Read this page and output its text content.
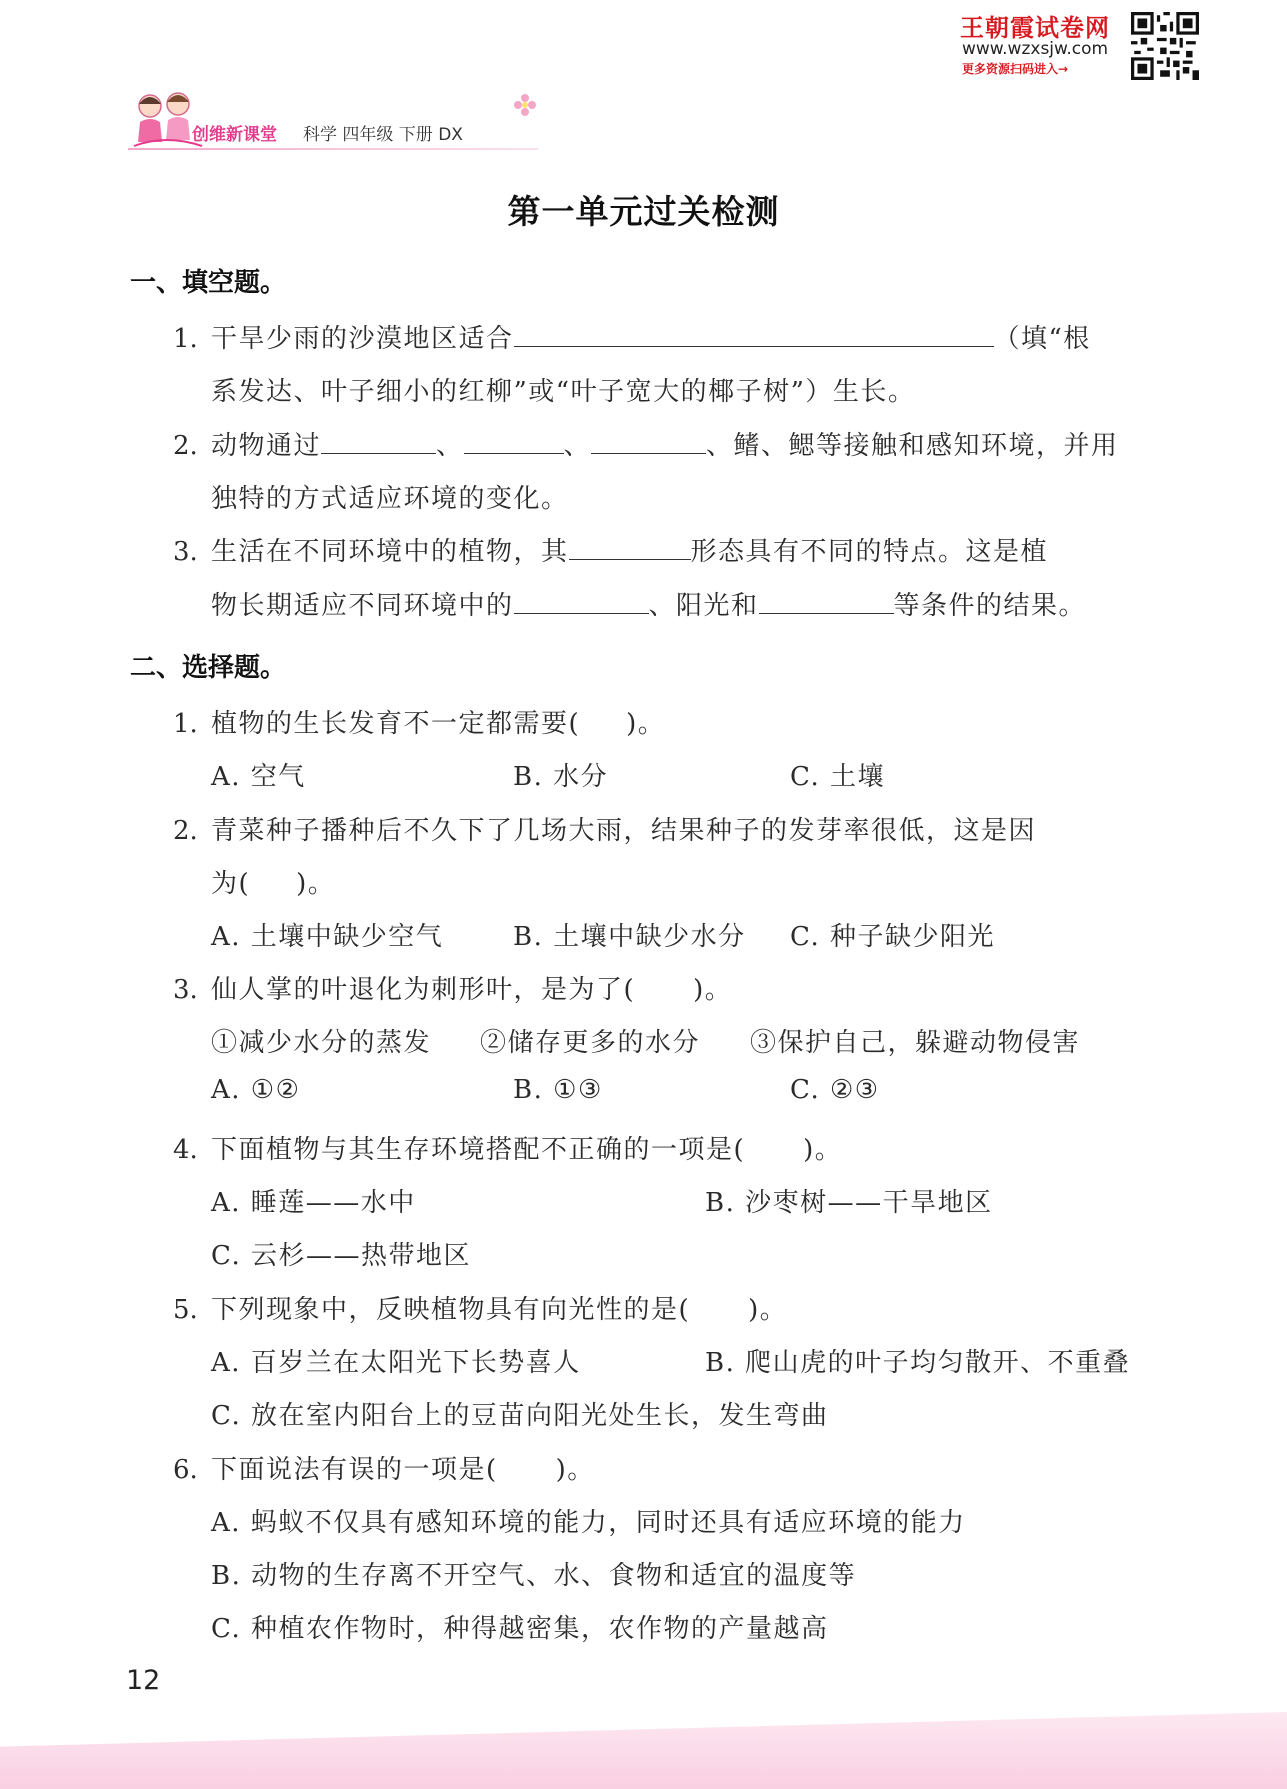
王朝霞试卷网
www.wzxsjw.com
更多资源扫码进入→
创维新课堂 科学 四年级 下册 DX
第一单元过关检测
一、填空题。
1. 干旱少雨的沙漠地区适合	（填“根
系发达、叶子细小的红柳”或“叶子宽大的椰子树”）生长。
2. 动物通过	、	、	、鳍、鳃等接触和感知环境，并用
独特的方式适应环境的变化。
3. 生活在不同环境中的植物，其	形态具有不同的特点。这是植
物长期适应不同环境中的	、阳光和	等条件的结果。
二、选择题。
1. 植物的生长发育不一定都需要( )。
A. 空气	B. 水分	C. 土壤
2. 青菜种子播种后不久下了几场大雨，结果种子的发芽率很低，这是因
为( )。
A. 土壤中缺少空气	B. 土壤中缺少水分 C. 种子缺少阳光
3. 仙人掌的叶退化为刺形叶，是为了( )。
①减少水分的蒸发 ②储存更多的水分 ③保护自己，躲避动物侵害
A. ①②	B. ①③	C. ②③
4. 下面植物与其生存环境搭配不正确的一项是( )。
A. 睡莲——水中	B. 沙枣树——干旱地区
C. 云杉——热带地区
5. 下列现象中，反映植物具有向光性的是( )。
A. 百岁兰在太阳光下长势喜人	B. 爬山虎的叶子均匀散开、不重叠
C. 放在室内阳台上的豆苗向阳光处生长，发生弯曲
6. 下面说法有误的一项是( )。
A. 蚂蚁不仅具有感知环境的能力，同时还具有适应环境的能力
B. 动物的生存离不开空气、水、食物和适宜的温度等
C. 种植农作物时，种得越密集，农作物的产量越高
12
